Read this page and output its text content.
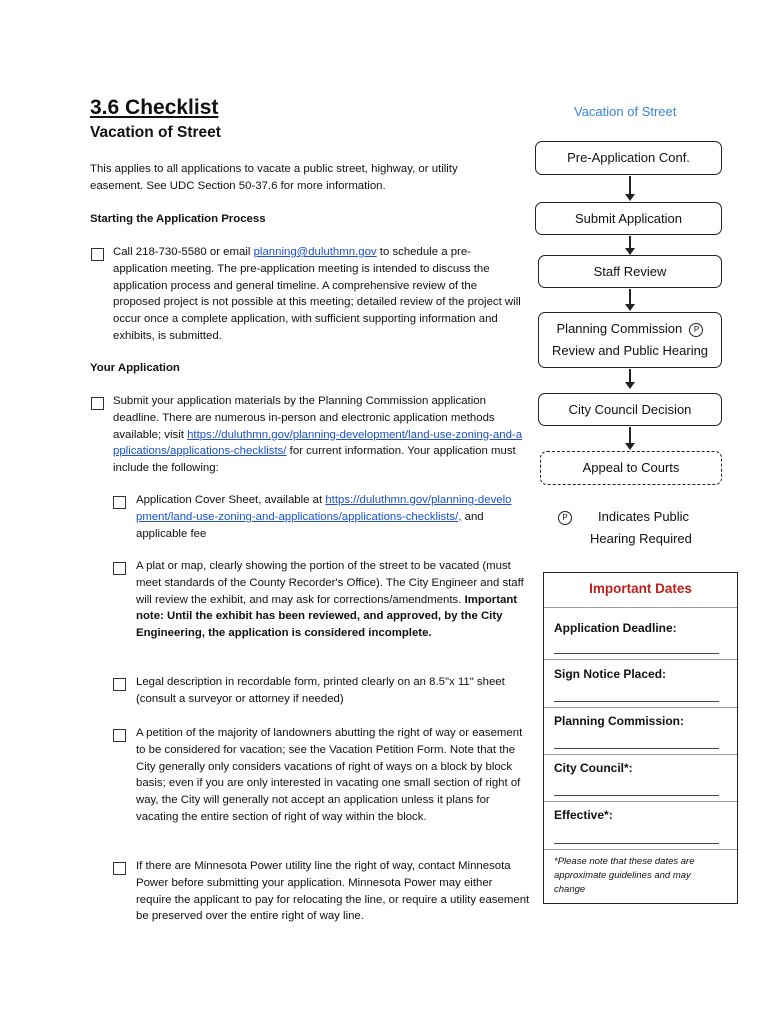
3.6 Checklist
Vacation of Street

This applies to all applications to vacate a public street, highway, or utility easement. See UDC Section 50-37.6 for more information.

Starting the Application Process

Call 218-730-5580 or email planning@duluthmn.gov to schedule a pre-application meeting. The pre-application meeting is intended to discuss the application process and general timeline. A comprehensive review of the proposed project is not possible at this meeting; detailed review of the project will occur once a complete application, with sufficient supporting information and exhibits, is submitted.

Your Application

Submit your application materials by the Planning Commission application deadline. There are numerous in-person and electronic application methods available; visit https://duluthmn.gov/planning-development/land-use-zoning-and-applications/applications-checklists/ for current information. Your application must include the following:

Application Cover Sheet, available at https://duluthmn.gov/planning-development/land-use-zoning-and-applications/applications-checklists/, and applicable fee

A plat or map, clearly showing the portion of the street to be vacated (must meet standards of the County Recorder's Office). The City Engineer and staff will review the exhibit, and may ask for corrections/amendments. Important note: Until the exhibit has been reviewed, and approved, by the City Engineering, the application is considered incomplete.

Legal description in recordable form, printed clearly on an 8.5"x 11" sheet (consult a surveyor or attorney if needed)

A petition of the majority of landowners abutting the right of way or easement to be considered for vacation; see the Vacation Petition Form. Note that the City generally only considers vacations of right of ways on a block by block basis; even if you are only interested in vacating one small section of right of way, the City will generally not accept an application unless it plans for vacating the entire section of right of way within the block.

If there are Minnesota Power utility line the right of way, contact Minnesota Power before submitting your application. Minnesota Power may either require the applicant to pay for relocating the line, or require a utility easement be preserved over the entire right of way line.

Vacation of Street
Pre-Application Conf.
Submit Application
Staff Review
Planning Commission P
Review and Public Hearing
City Council Decision
Appeal to Courts
P Indicates Public
Hearing Required
Important Dates
Application Deadline:
Sign Notice Placed:
Planning Commission:
City Council*:
Effective*:
*Please note that these dates are approximate guidelines and may change
